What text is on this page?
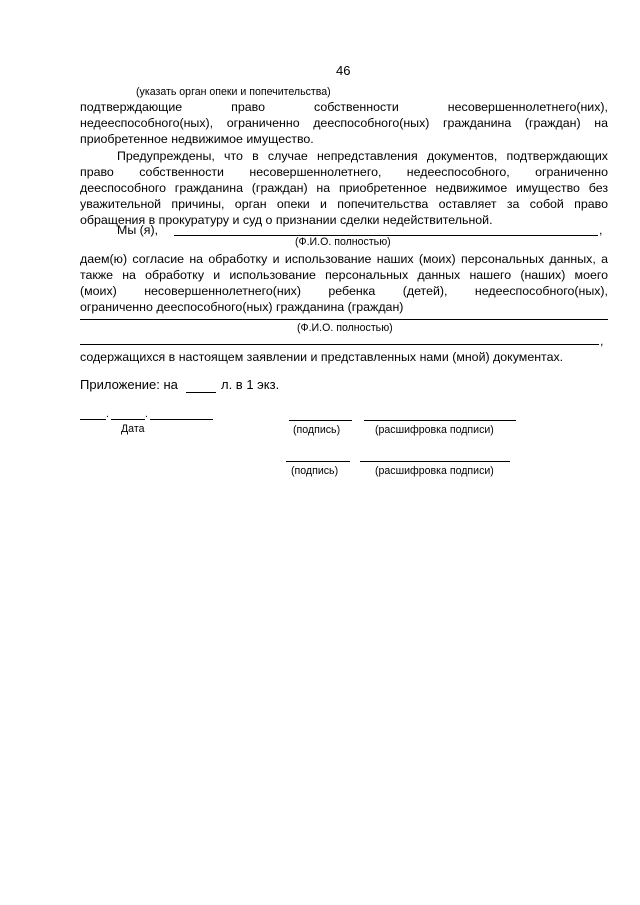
46
(указать орган опеки и попечительства)
подтверждающие право собственности несовершеннолетнего(них),
недееспособного(ных), ограниченно дееспособного(ных) гражданина (граждан) на
приобретенное недвижимое имущество.
Предупреждены, что в случае непредставления документов, подтверждающих
право собственности несовершеннолетнего, недееспособного, ограниченно
дееспособного гражданина (граждан) на приобретенное недвижимое имущество без
уважительной причины, орган опеки и попечительства оставляет за собой право
обращения в прокуратуру и суд о признании сделки недействительной.
Мы (я),	,
(Ф.И.О. полностью)
даем(ю) согласие на обработку и использование наших (моих) персональных данных, а
также на обработку и использование персональных данных нашего (наших) моего
(моих) несовершеннолетнего(них) ребенка (детей), недееспособного(ных),
ограниченно дееспособного(ных) гражданина (граждан)
(Ф.И.О. полностью)
,
содержащихся в настоящем заявлении и представленных нами (мной) документах.
Приложение: на	л. в 1 экз.
.	.
Дата	(подпись)	(расшифровка подписи)
(подпись)	(расшифровка подписи)
